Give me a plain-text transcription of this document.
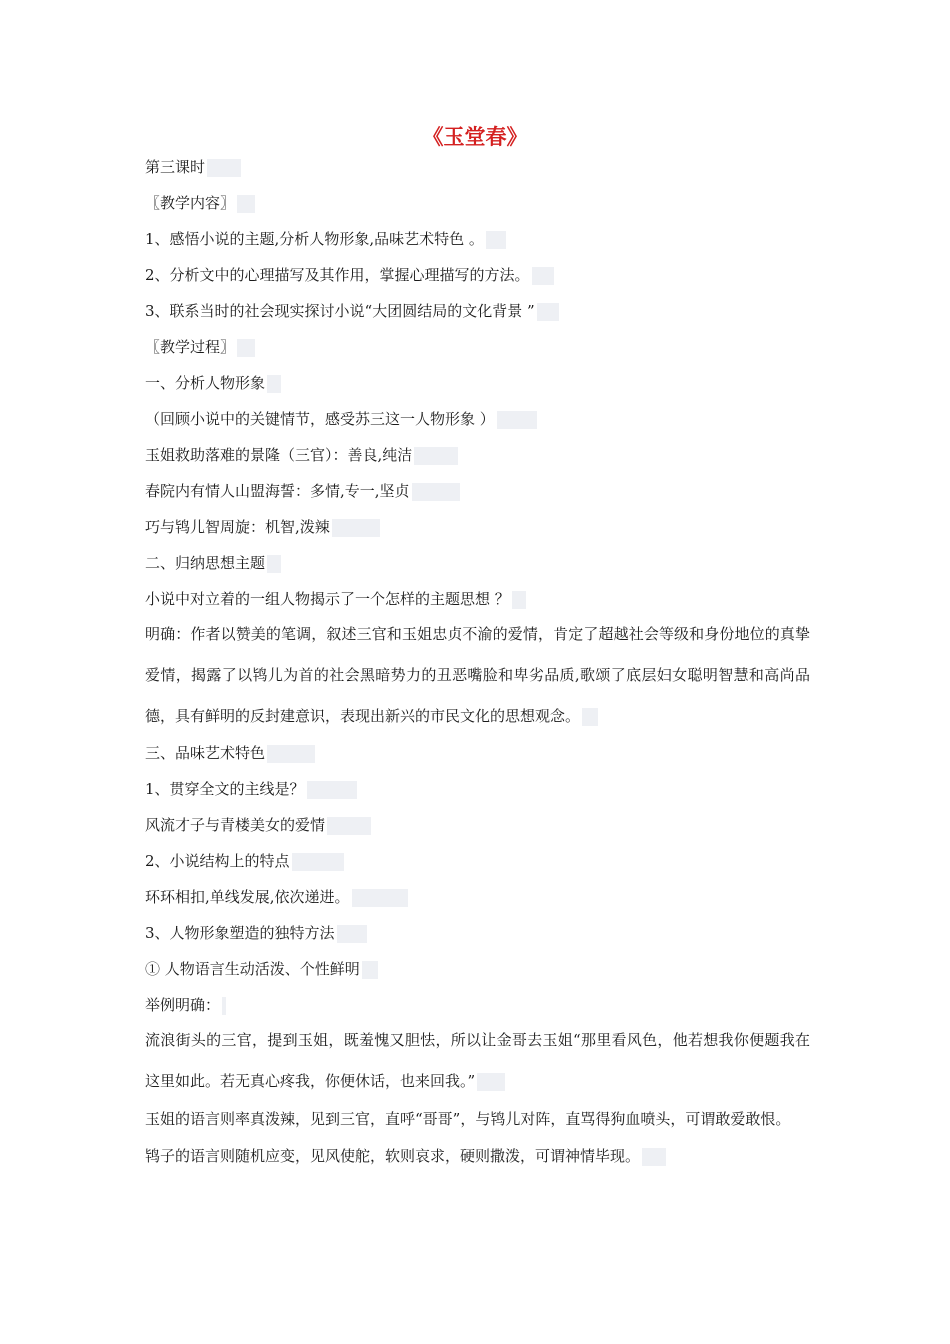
《玉堂春》
第三课时
〖教学内容〗
1、感悟小说的主题,分析人物形象,品味艺术特色 。
2、分析文中的心理描写及其作用，掌握心理描写的方法。
3、联系当时的社会现实探讨小说“大团圆结局的文化背景 ”
〖教学过程〗
一、分析人物形象
（回顾小说中的关键情节，感受苏三这一人物形象 ）
玉姐救助落难的景隆（三官）：善良,纯洁
春院内有情人山盟海誓：多情,专一,坚贞
巧与鸨儿智周旋：机智,泼辣
二、归纳思想主题
小说中对立着的一组人物揭示了一个怎样的主题思想 ？
明确：作者以赞美的笔调，叙述三官和玉姐忠贞不渝的爱情，肯定了超越社会等级和身份地位的真挚爱情，揭露了以鸨儿为首的社会黑暗势力的丑恶嘴脸和卑劣品质,歌颂了底层妇女聪明智慧和高尚品德，具有鲜明的反封建意识，表现出新兴的市民文化的思想观念。
三、品味艺术特色
1、贯穿全文的主线是？
风流才子与青楼美女的爱情
2、小说结构上的特点
环环相扣,单线发展,依次递进。
3、人物形象塑造的独特方法
① 人物语言生动活泼、个性鲜明
举例明确：
流浪街头的三官，提到玉姐，既羞愧又胆怯，所以让金哥去玉姐“那里看风色，他若想我你便题我在这里如此。若无真心疼我，你便休话，也来回我。”
玉姐的语言则率真泼辣，见到三官，直呼“哥哥”，与鸨儿对阵，直骂得狗血喷头，可谓敢爱敢恨。
鸨子的语言则随机应变，见风使舵，软则哀求，硬则撒泼，可谓神情毕现。
